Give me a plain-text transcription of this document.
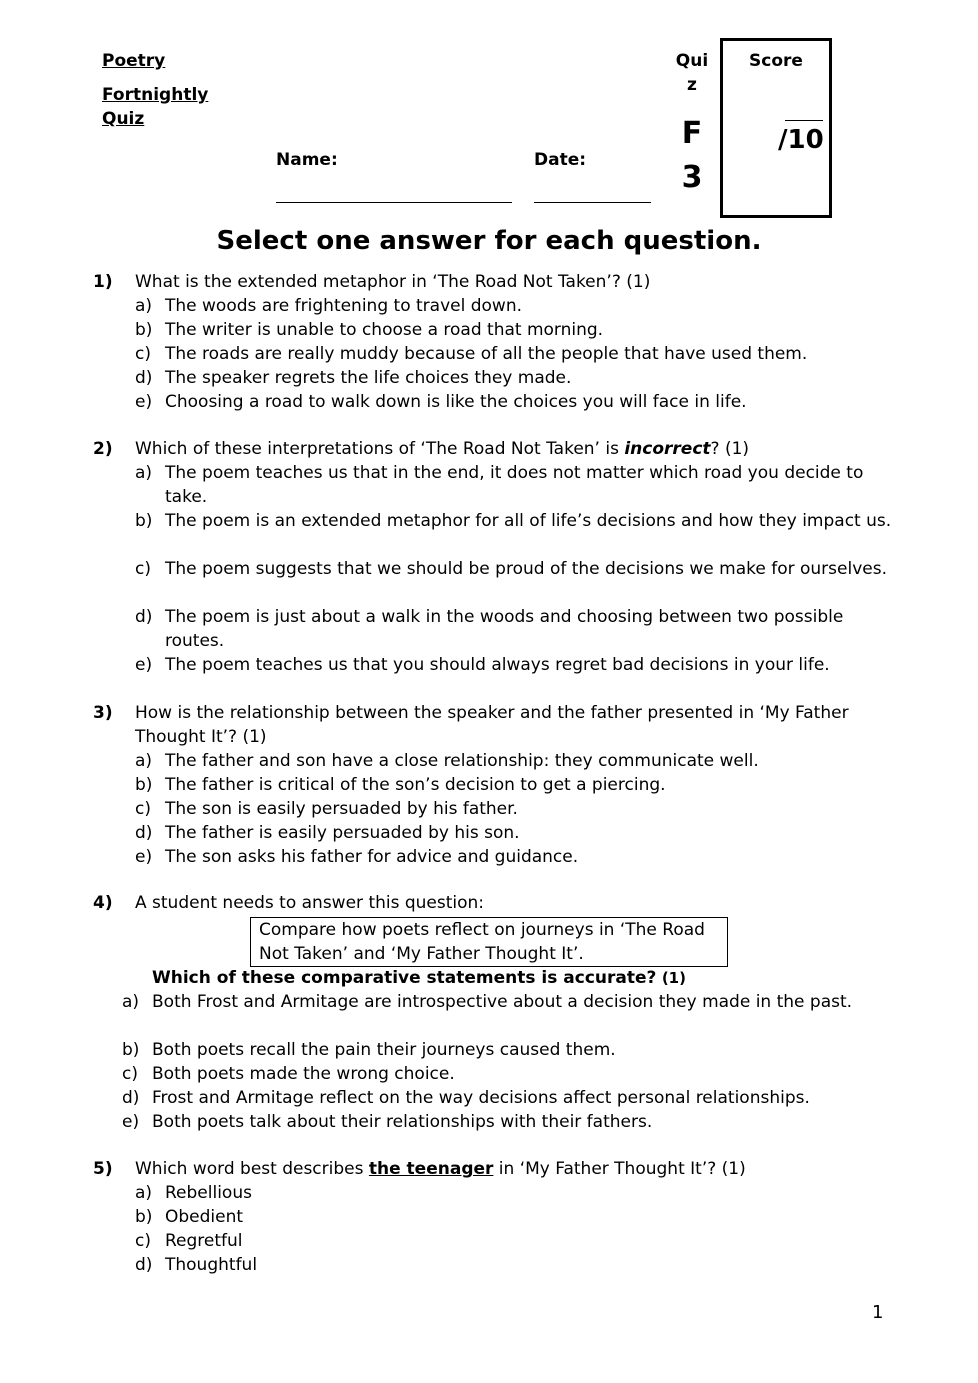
Poetry
Fortnightly
Quiz
Name:	Date:
Qui
z
F
3
Score
/10
Select one answer for each question.
1) What is the extended metaphor in ‘The Road Not Taken’? (1)
a) The woods are frightening to travel down.
b) The writer is unable to choose a road that morning.
c) The roads are really muddy because of all the people that have used them.
d) The speaker regrets the life choices they made.
e) Choosing a road to walk down is like the choices you will face in life.
2) Which of these interpretations of ‘The Road Not Taken’ is incorrect? (1)
a) The poem teaches us that in the end, it does not matter which road you decide to take.
b) The poem is an extended metaphor for all of life’s decisions and how they impact us.
c) The poem suggests that we should be proud of the decisions we make for ourselves.
d) The poem is just about a walk in the woods and choosing between two possible routes.
e) The poem teaches us that you should always regret bad decisions in your life.
3) How is the relationship between the speaker and the father presented in ‘My Father Thought It’? (1)
a) The father and son have a close relationship: they communicate well.
b) The father is critical of the son’s decision to get a piercing.
c) The son is easily persuaded by his father.
d) The father is easily persuaded by his son.
e) The son asks his father for advice and guidance.
4) A student needs to answer this question:
Compare how poets reflect on journeys in ‘The Road Not Taken’ and ‘My Father Thought It’.
Which of these comparative statements is accurate? (1)
a) Both Frost and Armitage are introspective about a decision they made in the past.
b) Both poets recall the pain their journeys caused them.
c) Both poets made the wrong choice.
d) Frost and Armitage reflect on the way decisions affect personal relationships.
e) Both poets talk about their relationships with their fathers.
5) Which word best describes the teenager in ‘My Father Thought It’? (1)
a) Rebellious
b) Obedient
c) Regretful
d) Thoughtful
1
